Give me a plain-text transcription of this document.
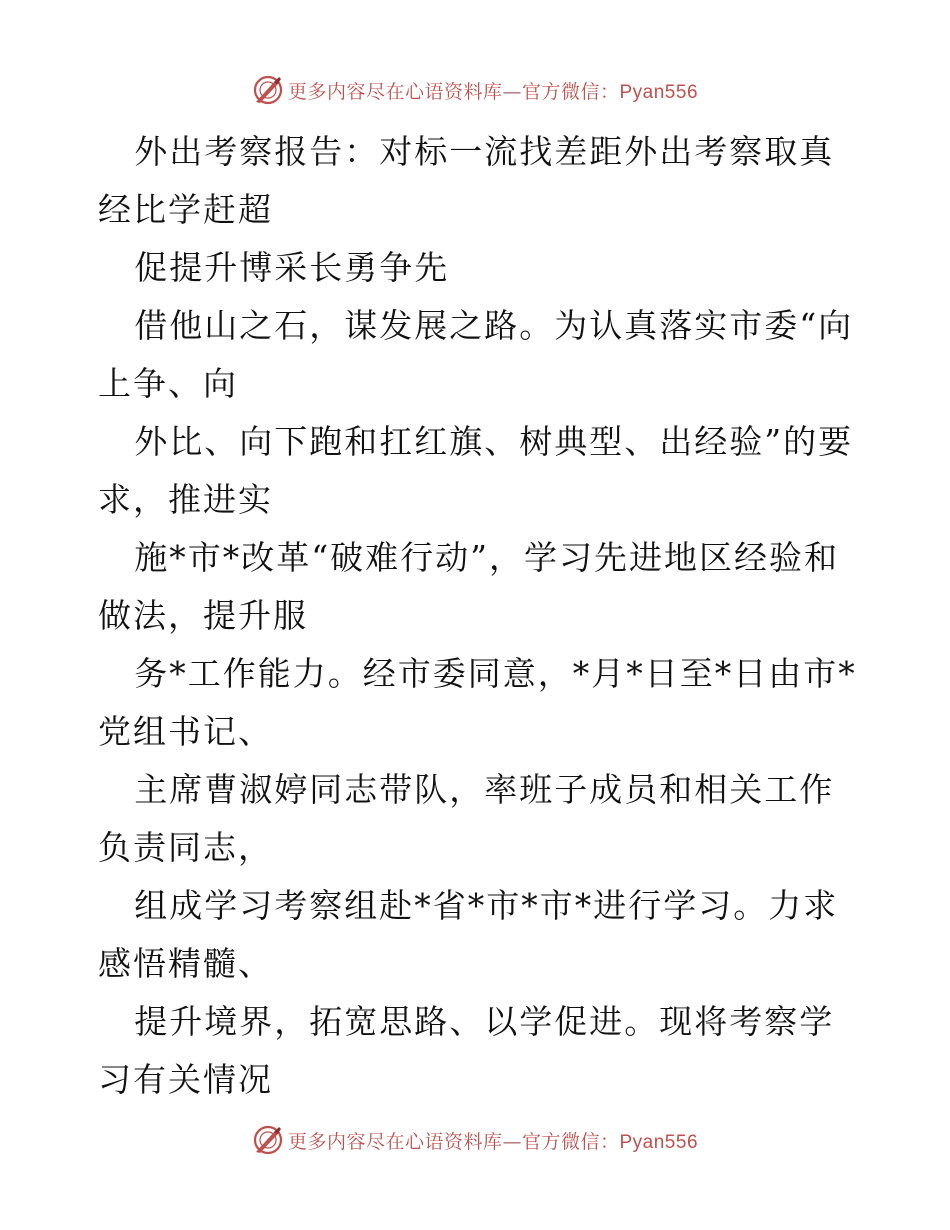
更多内容尽在心语资料库—官方微信：Pyan556

外出考察报告：对标一流找差距外出考察取真经比学赶超

促提升博采长勇争先

借他山之石，谋发展之路。为认真落实市委“向上争、向

外比、向下跑和扛红旗、树典型、出经验”的要求，推进实

施*市*改革“破难行动”，学习先进地区经验和做法，提升服

务*工作能力。经市委同意，*月*日至*日由市*党组书记、

主席曹淑婷同志带队，率班子成员和相关工作负责同志，

组成学习考察组赴*省*市*市*进行学习。力求感悟精髓、

提升境界，拓宽思路、以学促进。现将考察学习有关情况

更多内容尽在心语资料库—官方微信：Pyan556
